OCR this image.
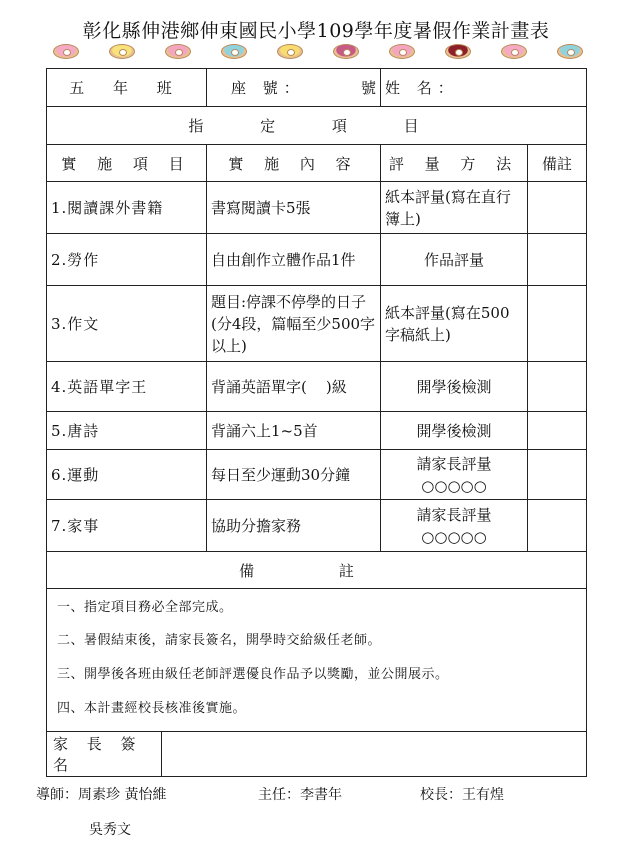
彰化縣伸港鄉伸東國民小學109學年度暑假作業計畫表
五 年 班	座 號： 號	姓 名：	
指 定 項 目			
實 施 項 目	實 施 內 容	評 量 方 法	備註
1.閱讀課外書籍	書寫閱讀卡5張	紙本評量(寫在直行簿上)	
2.勞作	自由創作立體作品1件	作品評量	
3.作文	題目:停課不停學的日子(分4段，篇幅至少500字以上)	紙本評量(寫在500字稿紙上)	
4.英語單字王	背誦英語單字(    )級	開學後檢測	
5.唐詩	背誦六上1~5首	開學後檢測	
6.運動	每日至少運動30分鐘	請家長評量○○○○○	
7.家事	協助分擔家務	請家長評量○○○○○	
備 註			

一、指定項目務必全部完成。
二、暑假結束後，請家長簽名，開學時交給級任老師。
三、開學後各班由級任老師評選優良作品予以獎勵，並公開展示。
四、本計畫經校長核准後實施。			

家 長 簽 名			
導師：周素珍 黃怡維	主任：李書年	校長：王有煌
吳秀文
